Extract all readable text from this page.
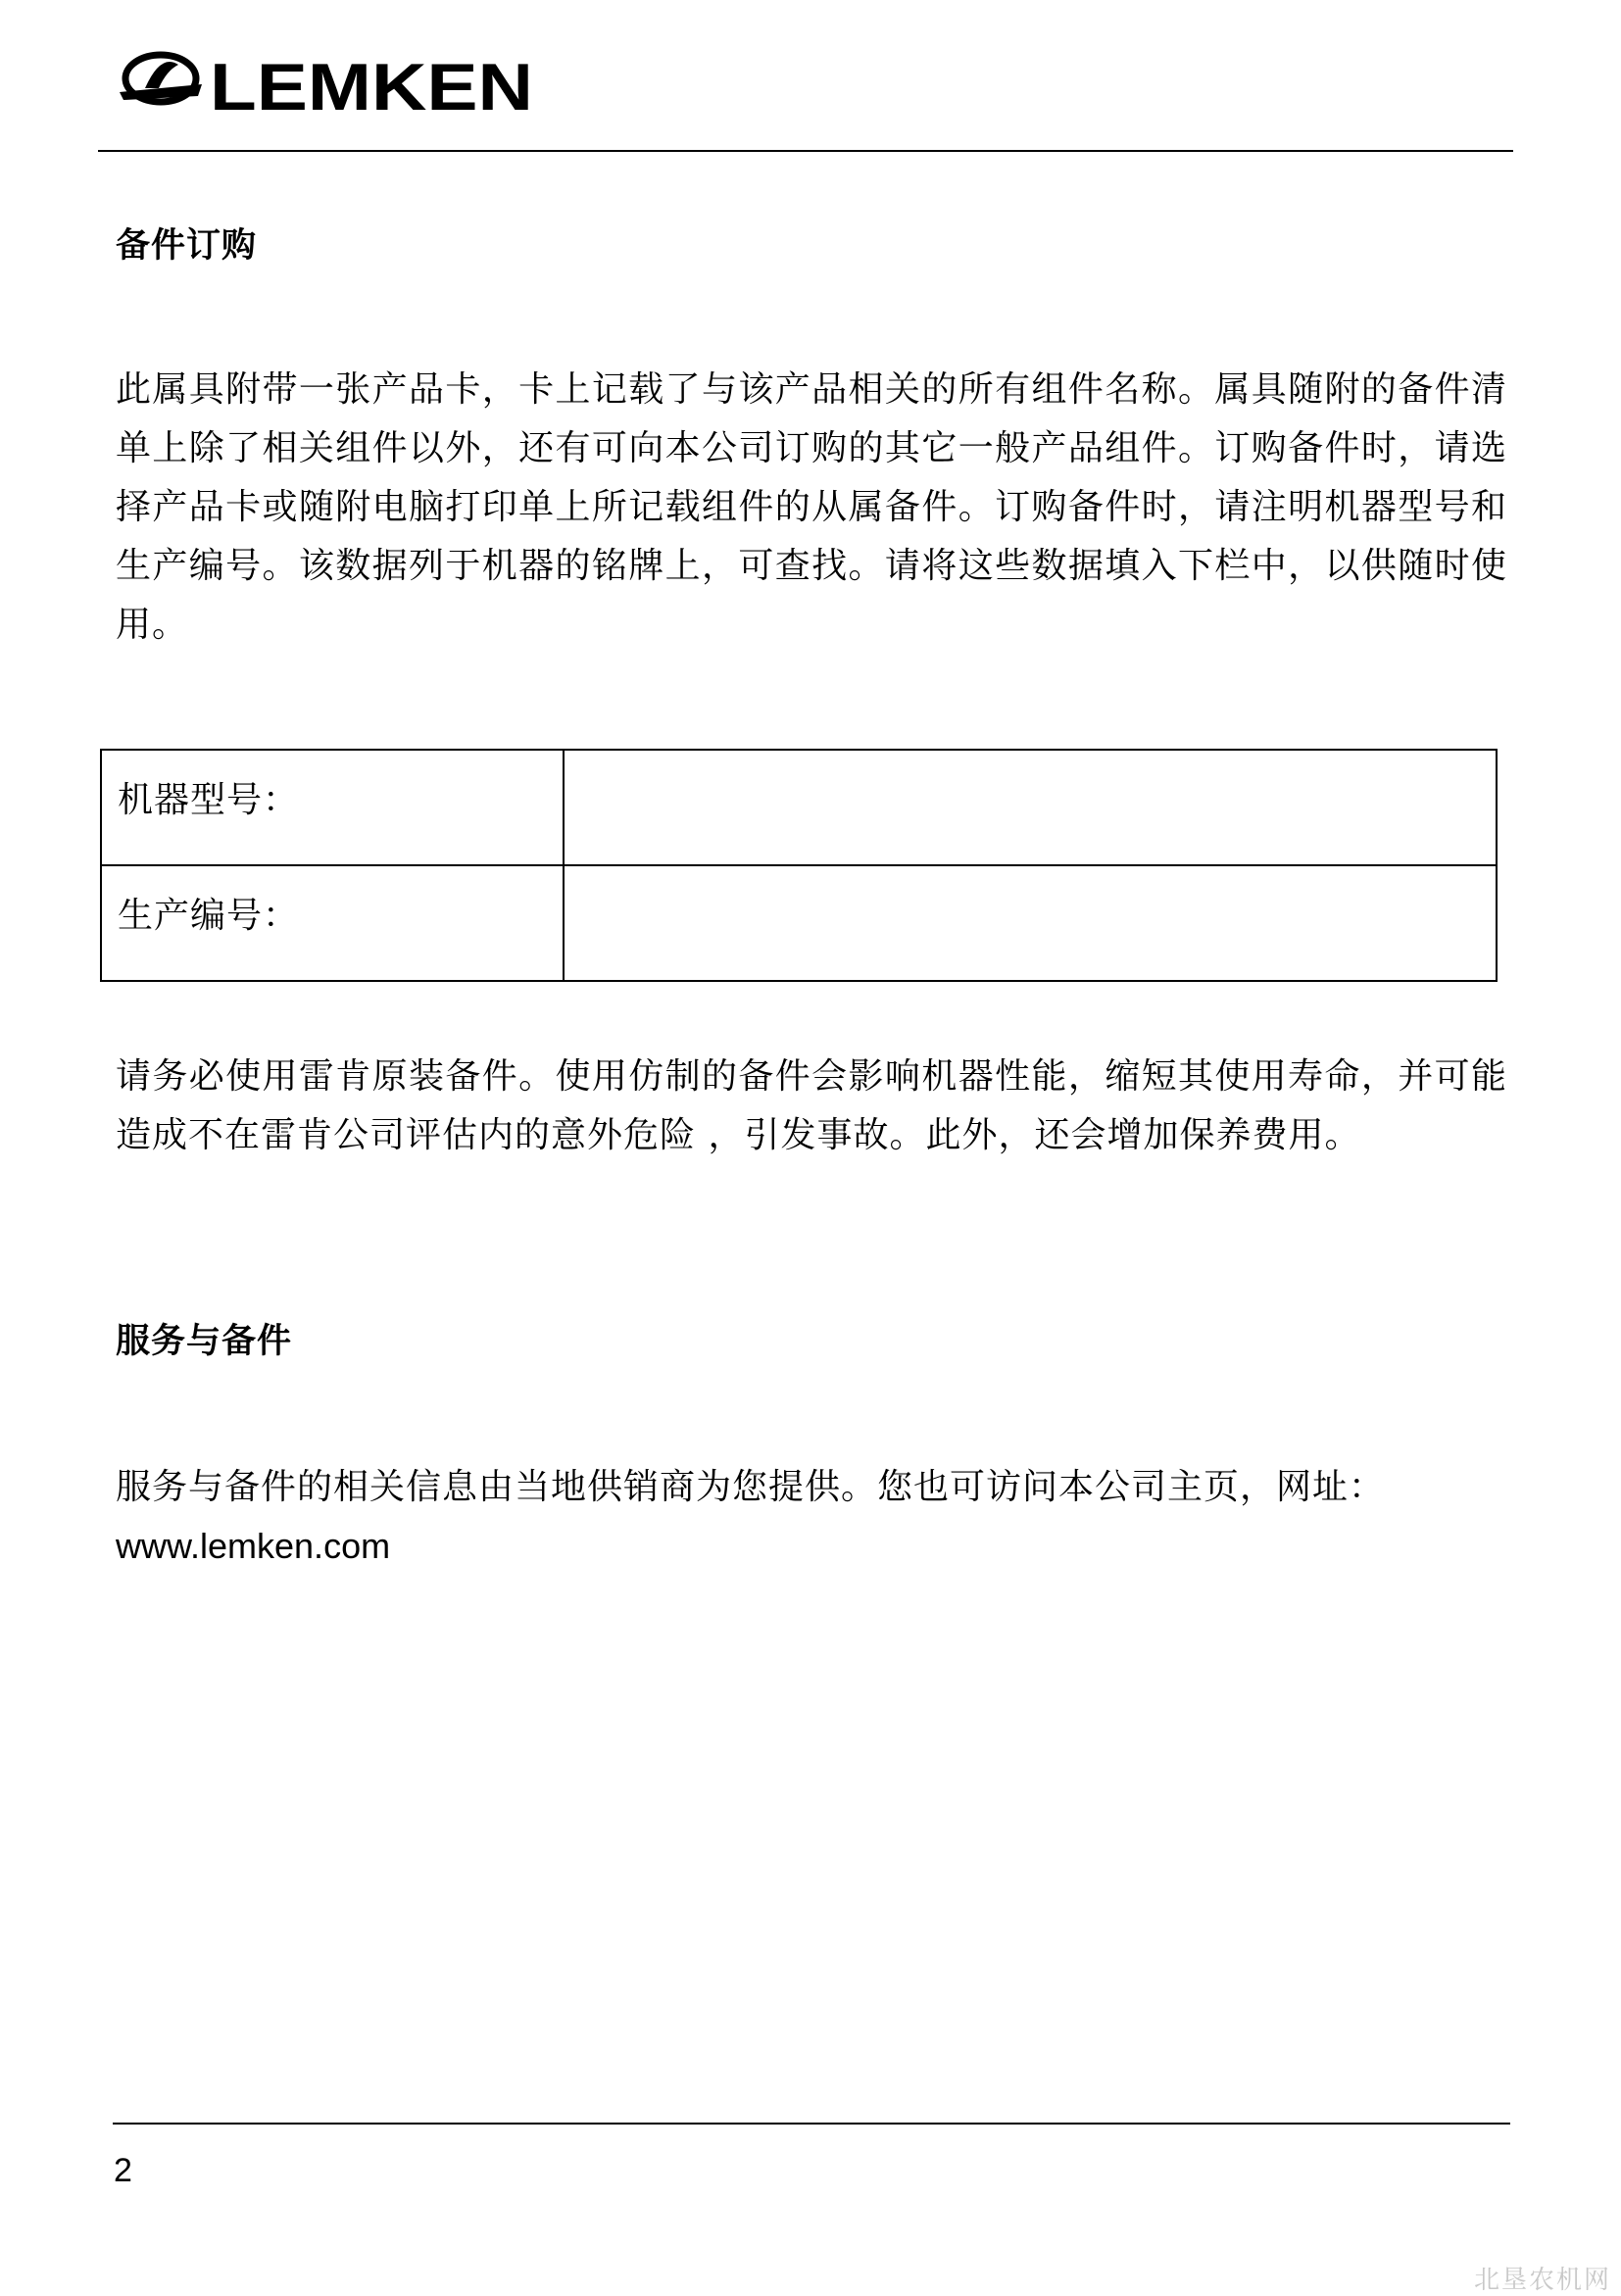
LEMKEN
备件订购
此属具附带一张产品卡，卡上记载了与该产品相关的所有组件名称。属具随附的备件清单上除了相关组件以外，还有可向本公司订购的其它一般产品组件。订购备件时，请选择产品卡或随附电脑打印单上所记载组件的从属备件。订购备件时，请注明机器型号和生产编号。该数据列于机器的铭牌上，可查找。请将这些数据填入下栏中，以供随时使用。
机器型号：	
生产编号：	
请务必使用雷肯原装备件。使用仿制的备件会影响机器性能，缩短其使用寿命，并可能造成不在雷肯公司评估内的意外危险 ，引发事故。此外，还会增加保养费用。
服务与备件
服务与备件的相关信息由当地供销商为您提供。您也可访问本公司主页，网址：
www.lemken.com
2
北垦农机网
